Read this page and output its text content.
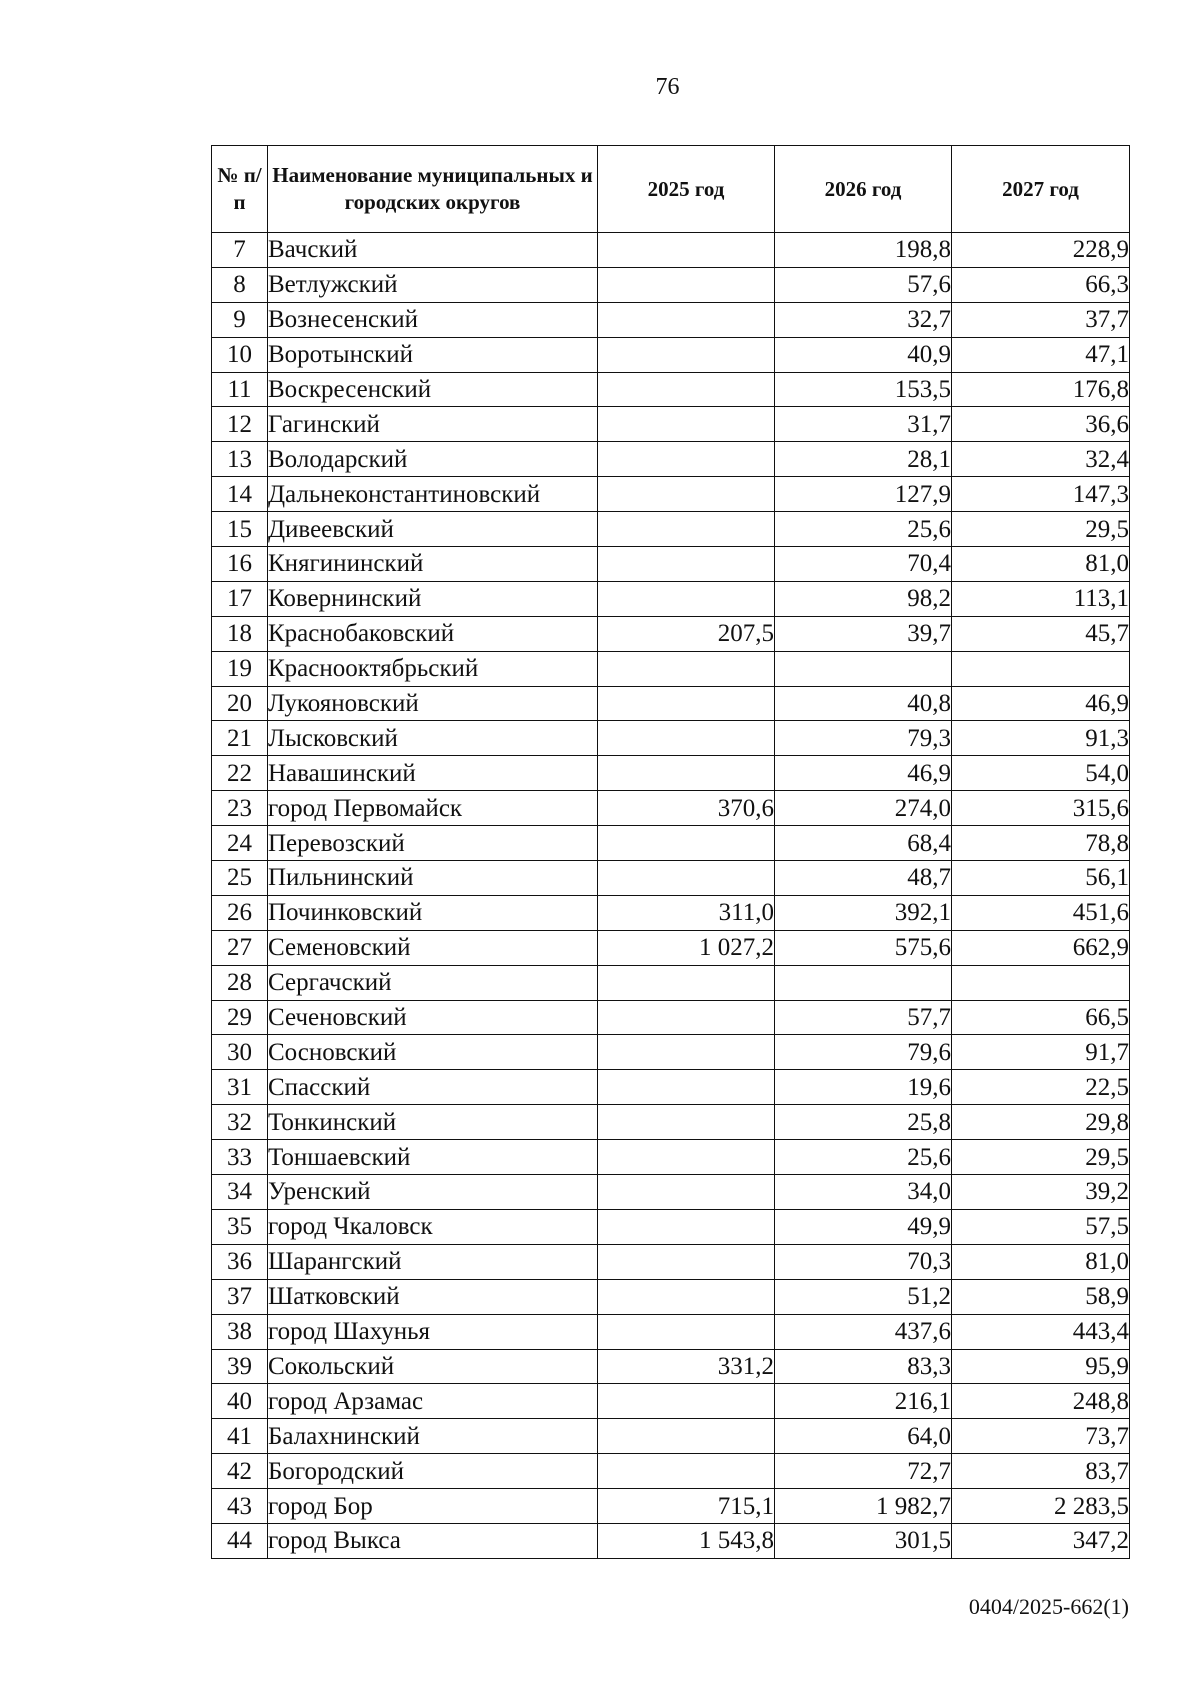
76
№ п/п	Наименование муниципальных и городских округов	2025 год	2026 год	2027 год
7	Вачский		198,8	228,9
8	Ветлужский		57,6	66,3
9	Вознесенский		32,7	37,7
10	Воротынский		40,9	47,1
11	Воскресенский		153,5	176,8
12	Гагинский		31,7	36,6
13	Володарский		28,1	32,4
14	Дальнеконстантиновский		127,9	147,3
15	Дивеевский		25,6	29,5
16	Княгининский		70,4	81,0
17	Ковернинский		98,2	113,1
18	Краснобаковский	207,5	39,7	45,7
19	Краснооктябрьский			
20	Лукояновский		40,8	46,9
21	Лысковский		79,3	91,3
22	Навашинский		46,9	54,0
23	город Первомайск	370,6	274,0	315,6
24	Перевозский		68,4	78,8
25	Пильнинский		48,7	56,1
26	Починковский	311,0	392,1	451,6
27	Семеновский	1 027,2	575,6	662,9
28	Сергачский			
29	Сеченовский		57,7	66,5
30	Сосновский		79,6	91,7
31	Спасский		19,6	22,5
32	Тонкинский		25,8	29,8
33	Тоншаевский		25,6	29,5
34	Уренский		34,0	39,2
35	город Чкаловск		49,9	57,5
36	Шарангский		70,3	81,0
37	Шатковский		51,2	58,9
38	город Шахунья		437,6	443,4
39	Сокольский	331,2	83,3	95,9
40	город Арзамас		216,1	248,8
41	Балахнинский		64,0	73,7
42	Богородский		72,7	83,7
43	город Бор	715,1	1 982,7	2 283,5
44	город Выкса	1 543,8	301,5	347,2
0404/2025-662(1)
